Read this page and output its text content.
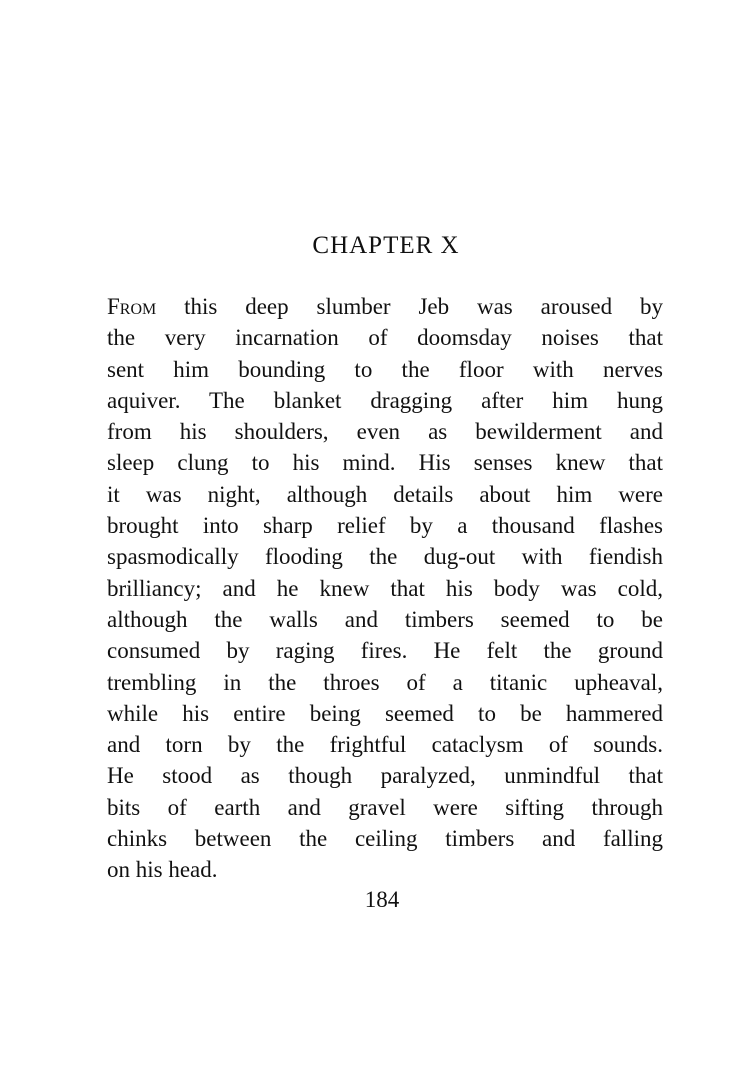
CHAPTER X
From this deep slumber Jeb was aroused by
the very incarnation of doomsday noises that
sent him bounding to the floor with nerves
aquiver. The blanket dragging after him hung
from his shoulders, even as bewilderment and
sleep clung to his mind. His senses knew that
it was night, although details about him were
brought into sharp relief by a thousand flashes
spasmodically flooding the dug-out with fiendish
brilliancy; and he knew that his body was cold,
although the walls and timbers seemed to be
consumed by raging fires. He felt the ground
trembling in the throes of a titanic upheaval,
while his entire being seemed to be hammered
and torn by the frightful cataclysm of sounds.
He stood as though paralyzed, unmindful that
bits of earth and gravel were sifting through
chinks between the ceiling timbers and falling
on his head.
184
